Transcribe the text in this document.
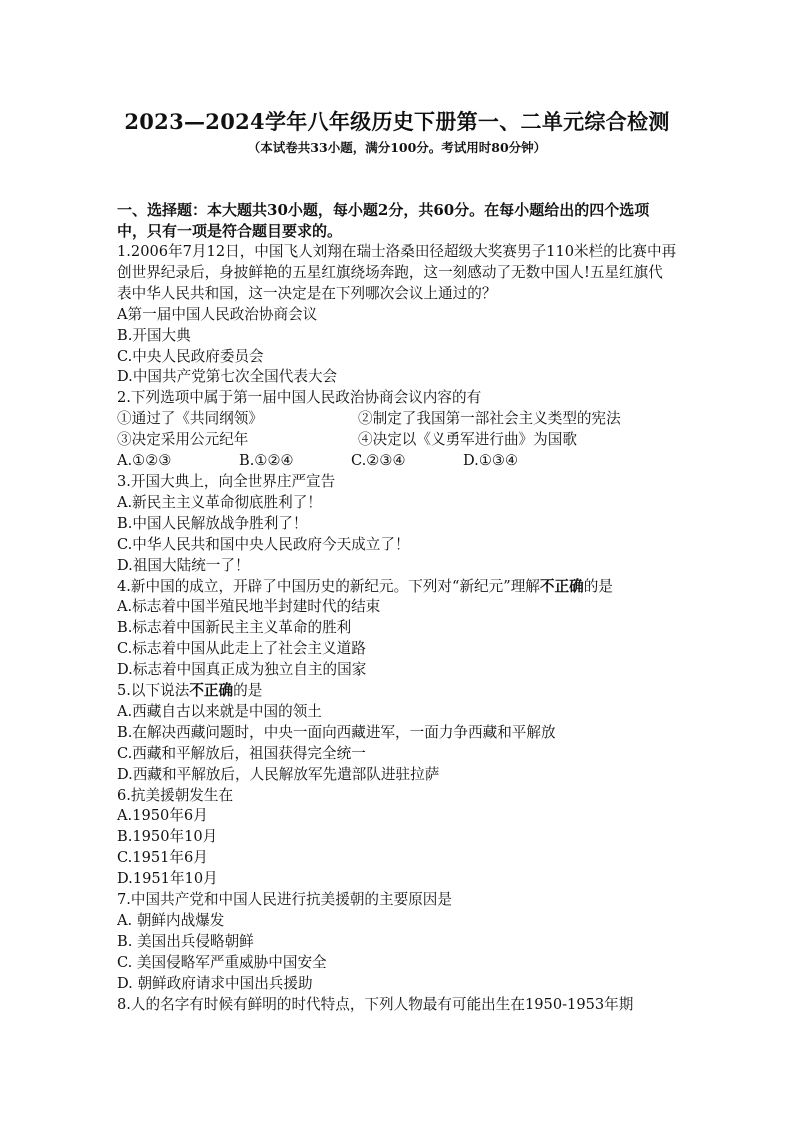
2023—2024学年八年级历史下册第一、二单元综合检测
（本试卷共33小题，满分100分。考试用时80分钟）
一、选择题：本大题共30小题，每小题2分，共60分。在每小题给出的四个选项中，只有一项是符合题目要求的。
1.2006年7月12日，中国飞人刘翔在瑞士洛桑田径超级大奖赛男子110米栏的比赛中再创世界纪录后，身披鲜艳的五星红旗绕场奔跑，这一刻感动了无数中国人!五星红旗代表中华人民共和国，这一决定是在下列哪次会议上通过的？
A第一届中国人民政治协商会议
B.开国大典
C.中央人民政府委员会
D.中国共产党第七次全国代表大会
2.下列选项中属于第一届中国人民政治协商会议内容的有
①通过了《共同纲领》	②制定了我国第一部社会主义类型的宪法
③决定采用公元纪年	④决定以《义勇军进行曲》为国歌
A.①②③	B.①②④	C.②③④	D.①③④
3.开国大典上，向全世界庄严宣告
A.新民主主义革命彻底胜利了！
B.中国人民解放战争胜利了！
C.中华人民共和国中央人民政府今天成立了！
D.祖国大陆统一了！
4.新中国的成立，开辟了中国历史的新纪元。下列对“新纪元”理解不正确的是
A.标志着中国半殖民地半封建时代的结束
B.标志着中国新民主主义革命的胜利
C.标志着中国从此走上了社会主义道路
D.标志着中国真正成为独立自主的国家
5.以下说法不正确的是
A.西藏自古以来就是中国的领土
B.在解决西藏问题时，中央一面向西藏进军，一面力争西藏和平解放
C.西藏和平解放后，祖国获得完全统一
D.西藏和平解放后，人民解放军先遣部队进驻拉萨
6.抗美援朝发生在
A.1950年6月
B.1950年10月
C.1951年6月
D.1951年10月
7.中国共产党和中国人民进行抗美援朝的主要原因是
A. 朝鲜内战爆发
B. 美国出兵侵略朝鲜
C. 美国侵略军严重威胁中国安全
D. 朝鲜政府请求中国出兵援助
8.人的名字有时候有鲜明的时代特点，下列人物最有可能出生在1950-1953年期
